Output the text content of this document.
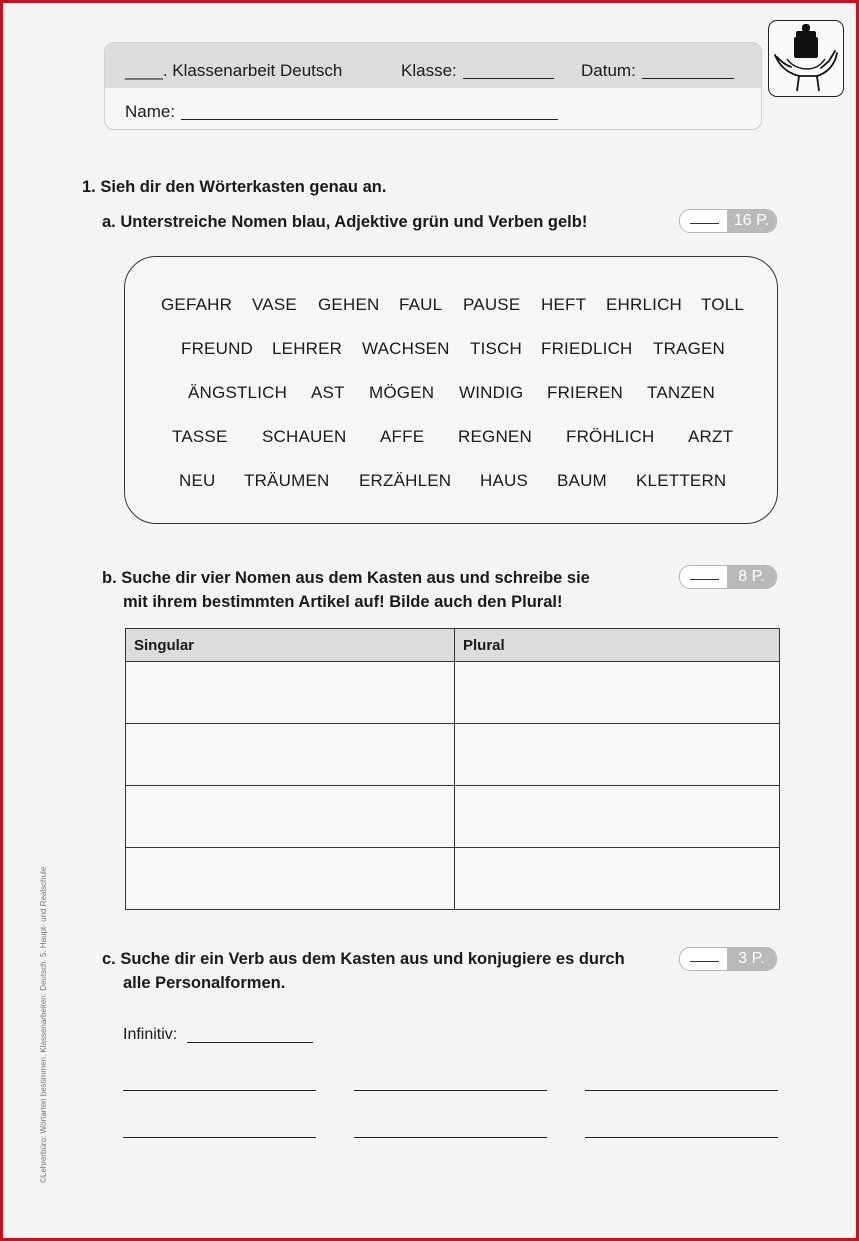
____. Klassenarbeit Deutsch	Klasse:	Datum:
Name:
1. Sieh dir den Wörterkasten genau an.
a. Unterstreiche Nomen blau, Adjektive grün und Verben gelb!	16 P.
GEFAHR VASE GEHEN FAUL PAUSE HEFT EHRLICH TOLL
FREUND LEHRER WACHSEN TISCH FRIEDLICH TRAGEN
ÄNGSTLICH AST MÖGEN WINDIG FRIEREN TANZEN
TASSE SCHAUEN AFFE REGNEN FRÖHLICH ARZT
NEU TRÄUMEN ERZÄHLEN HAUS BAUM KLETTERN
b. Suche dir vier Nomen aus dem Kasten aus und schreibe sie
mit ihrem bestimmten Artikel auf! Bilde auch den Plural!
8 P.
Singular	Plural

c. Suche dir ein Verb aus dem Kasten aus und konjugiere es durch
alle Personalformen.
3 P.
Infinitiv:
©Lehrerbüro: Wörtarten bestimmen. Klassenarbeiten: Deutsch. 5. Haupt- und Realschule
